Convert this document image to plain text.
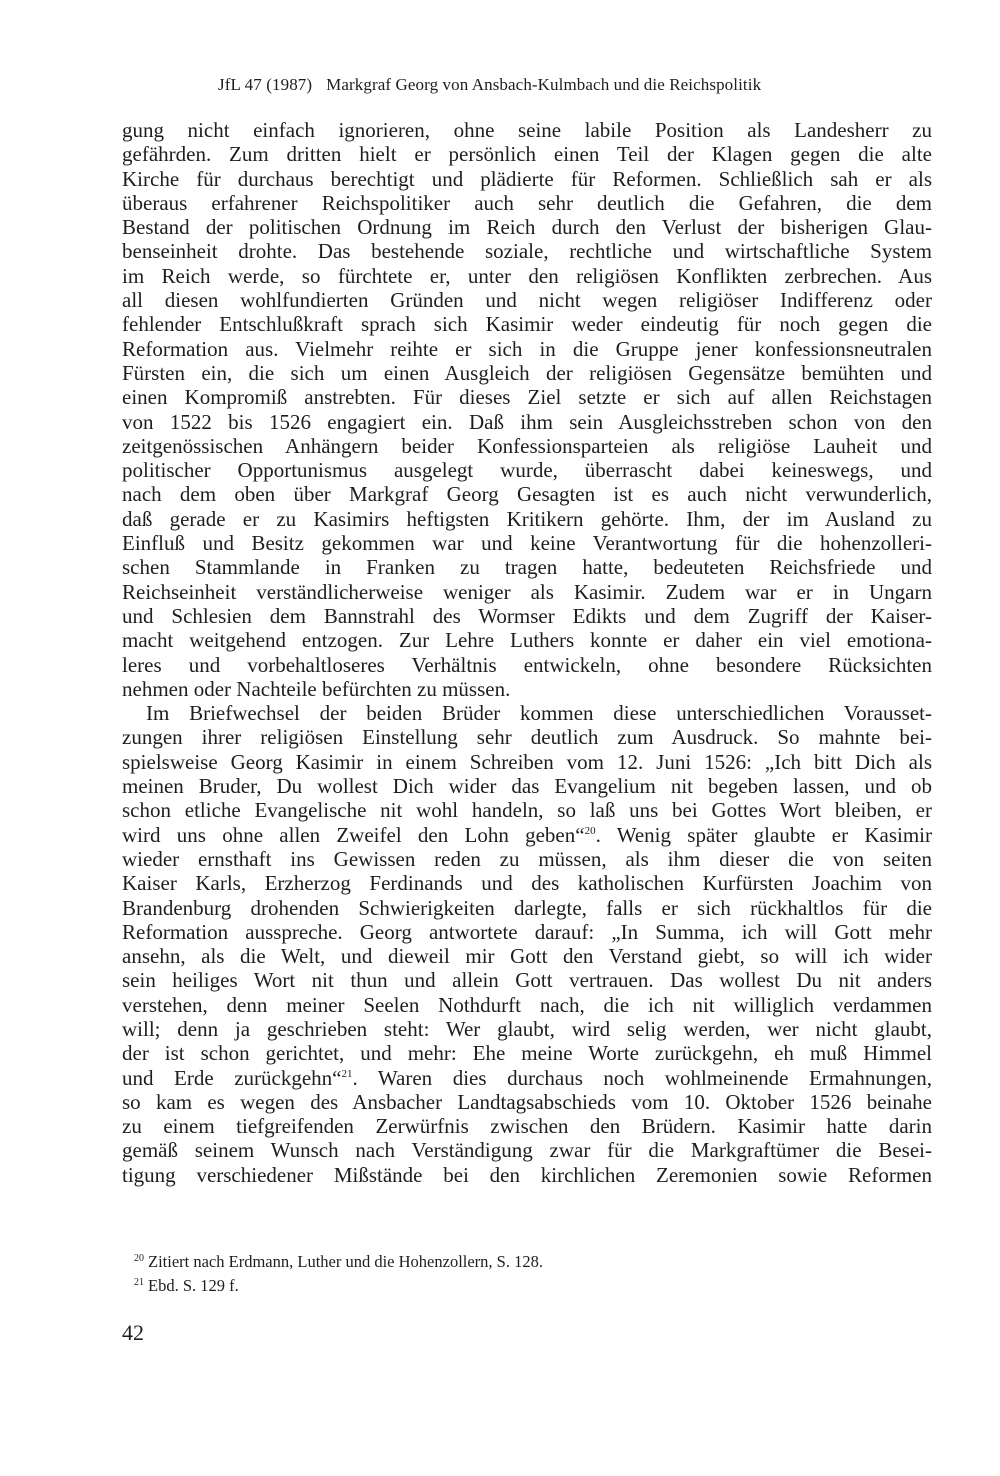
JfL 47 (1987) Markgraf Georg von Ansbach-Kulmbach und die Reichspolitik
gung nicht einfach ignorieren, ohne seine labile Position als Landesherr zu
gefährden. Zum dritten hielt er persönlich einen Teil der Klagen gegen die alte
Kirche für durchaus berechtigt und plädierte für Reformen. Schließlich sah er als
überaus erfahrener Reichspolitiker auch sehr deutlich die Gefahren, die dem
Bestand der politischen Ordnung im Reich durch den Verlust der bisherigen Glau-
benseinheit drohte. Das bestehende soziale, rechtliche und wirtschaftliche System
im Reich werde, so fürchtete er, unter den religiösen Konflikten zerbrechen. Aus
all diesen wohlfundierten Gründen und nicht wegen religiöser Indifferenz oder
fehlender Entschlußkraft sprach sich Kasimir weder eindeutig für noch gegen die
Reformation aus. Vielmehr reihte er sich in die Gruppe jener konfessionsneutralen
Fürsten ein, die sich um einen Ausgleich der religiösen Gegensätze bemühten und
einen Kompromiß anstrebten. Für dieses Ziel setzte er sich auf allen Reichstagen
von 1522 bis 1526 engagiert ein. Daß ihm sein Ausgleichsstreben schon von den
zeitgenössischen Anhängern beider Konfessionsparteien als religiöse Lauheit und
politischer Opportunismus ausgelegt wurde, überrascht dabei keineswegs, und
nach dem oben über Markgraf Georg Gesagten ist es auch nicht verwunderlich,
daß gerade er zu Kasimirs heftigsten Kritikern gehörte. Ihm, der im Ausland zu
Einfluß und Besitz gekommen war und keine Verantwortung für die hohenzolleri-
schen Stammlande in Franken zu tragen hatte, bedeuteten Reichsfriede und
Reichseinheit verständlicherweise weniger als Kasimir. Zudem war er in Ungarn
und Schlesien dem Bannstrahl des Wormser Edikts und dem Zugriff der Kaiser-
macht weitgehend entzogen. Zur Lehre Luthers konnte er daher ein viel emotiona-
leres und vorbehaltloseres Verhältnis entwickeln, ohne besondere Rücksichten
nehmen oder Nachteile befürchten zu müssen.
Im Briefwechsel der beiden Brüder kommen diese unterschiedlichen Vorausset-
zungen ihrer religiösen Einstellung sehr deutlich zum Ausdruck. So mahnte bei-
spielsweise Georg Kasimir in einem Schreiben vom 12. Juni 1526: „Ich bitt Dich als
meinen Bruder, Du wollest Dich wider das Evangelium nit begeben lassen, und ob
schon etliche Evangelische nit wohl handeln, so laß uns bei Gottes Wort bleiben, er
wird uns ohne allen Zweifel den Lohn geben“$^{20}$. Wenig später glaubte er Kasimir
wieder ernsthaft ins Gewissen reden zu müssen, als ihm dieser die von seiten
Kaiser Karls, Erzherzog Ferdinands und des katholischen Kurfürsten Joachim von
Brandenburg drohenden Schwierigkeiten darlegte, falls er sich rückhaltlos für die
Reformation ausspreche. Georg antwortete darauf: „In Summa, ich will Gott mehr
ansehn, als die Welt, und dieweil mir Gott den Verstand giebt, so will ich wider
sein heiliges Wort nit thun und allein Gott vertrauen. Das wollest Du nit anders
verstehen, denn meiner Seelen Nothdurft nach, die ich nit williglich verdammen
will; denn ja geschrieben steht: Wer glaubt, wird selig werden, wer nicht glaubt,
der ist schon gerichtet, und mehr: Ehe meine Worte zurückgehn, eh muß Himmel
und Erde zurückgehn“$^{21}$. Waren dies durchaus noch wohlmeinende Ermahnungen,
so kam es wegen des Ansbacher Landtagsabschieds vom 10. Oktober 1526 beinahe
zu einem tiefgreifenden Zerwürfnis zwischen den Brüdern. Kasimir hatte darin
gemäß seinem Wunsch nach Verständigung zwar für die Markgraftümer die Besei-
tigung verschiedener Mißstände bei den kirchlichen Zeremonien sowie Reformen
$^{20}$ Zitiert nach Erdmann, Luther und die Hohenzollern, S. 128.
$^{21}$ Ebd. S. 129 f.
42
